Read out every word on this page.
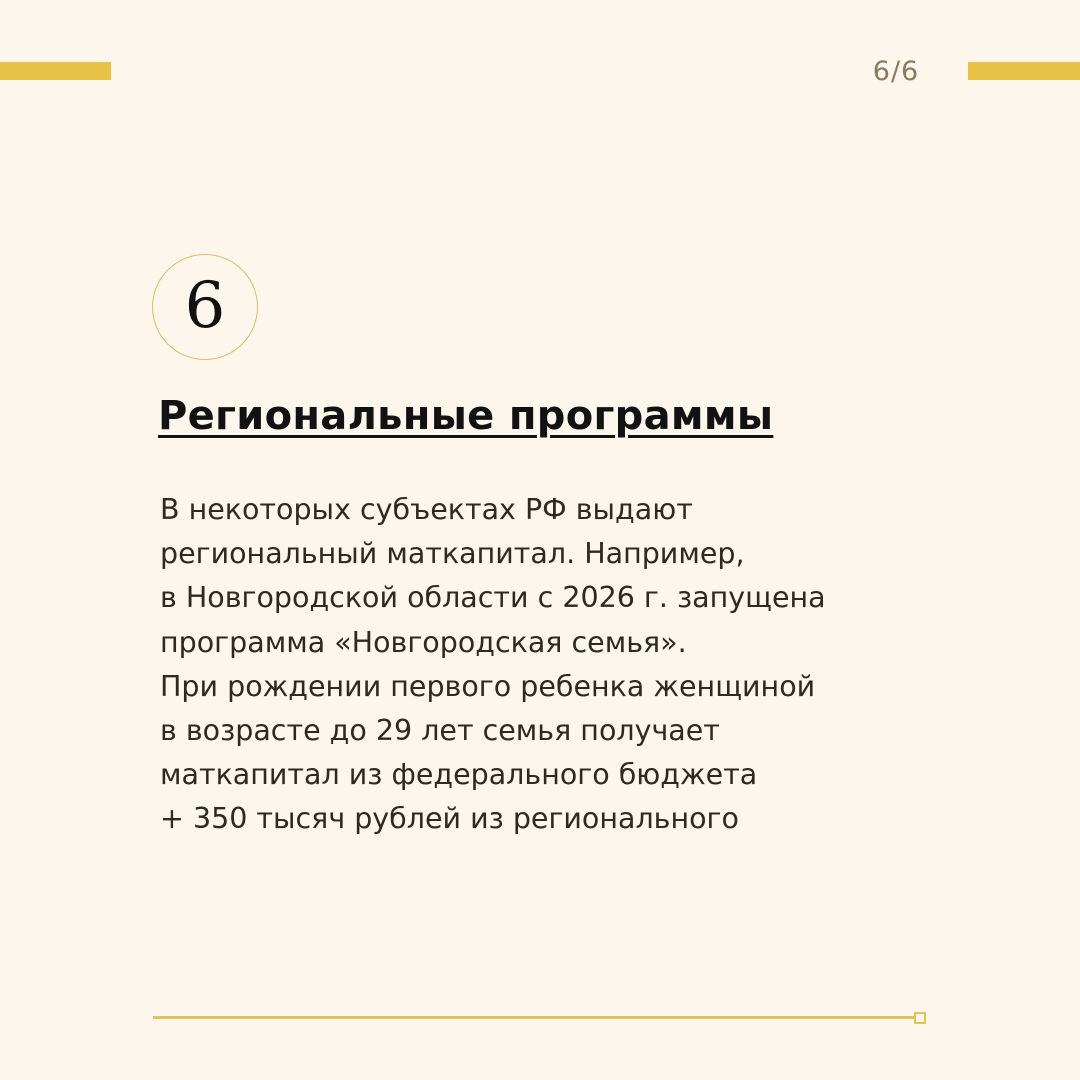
6/6
6
Региональные программы

В некоторых субъектах РФ выдают
региональный маткапитал. Например,
в Новгородской области с 2026 г. запущена
программа «Новгородская семья».
При рождении первого ребенка женщиной
в возрасте до 29 лет семья получает
маткапитал из федерального бюджета
+ 350 тысяч рублей из регионального
